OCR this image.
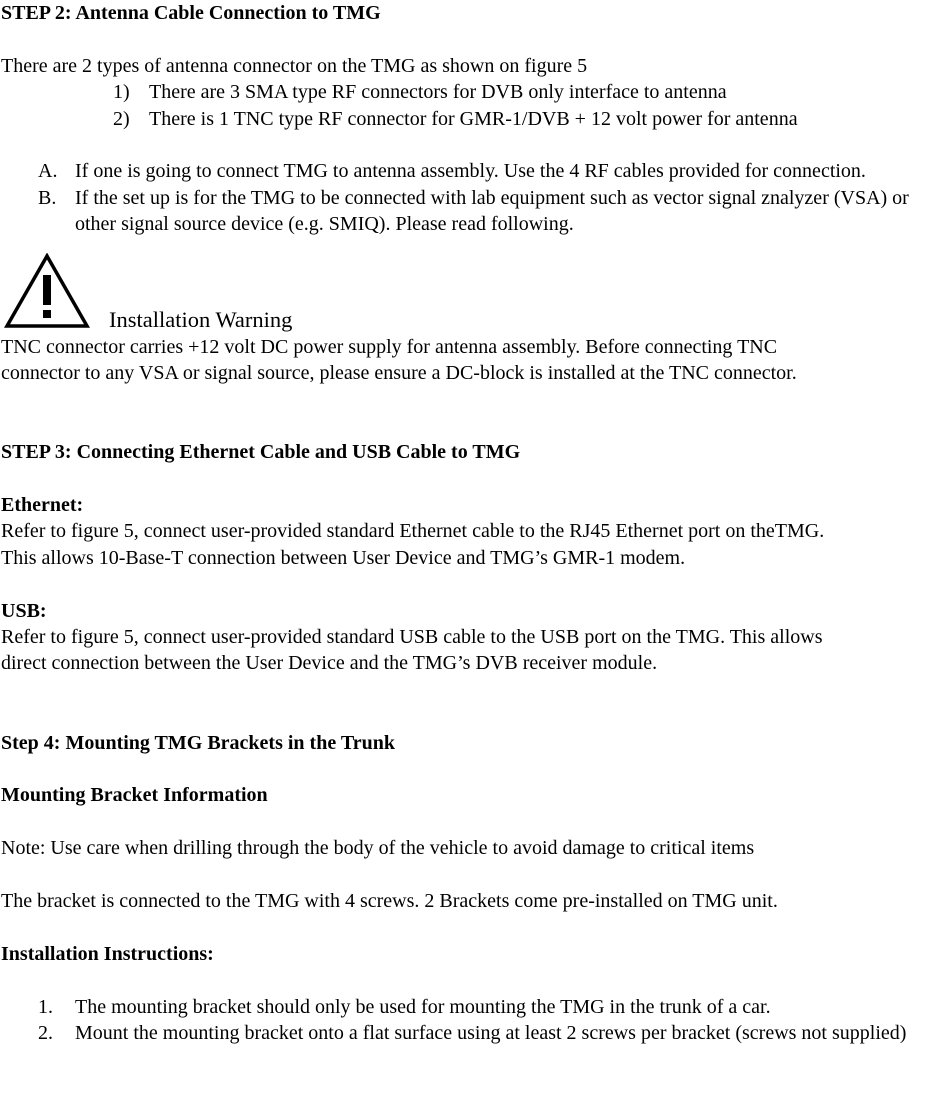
STEP 2: Antenna Cable Connection to TMG

There are 2 types of antenna connector on the TMG as shown on figure 5

1) There are 3 SMA type RF connectors for DVB only interface to antenna
2) There is 1 TNC type RF connector for GMR-1/DVB + 12 volt power for antenna
A. If one is going to connect TMG to antenna assembly. Use the 4 RF cables provided for connection.
B. If the set up is for the TMG to be connected with lab equipment such as vector signal znalyzer (VSA) or other signal source device (e.g. SMIQ). Please read following.
Installation Warning

TNC connector carries +12 volt DC power supply for antenna assembly. Before connecting TNC

connector to any VSA or signal source, please ensure a DC-block is installed at the TNC connector.

STEP 3: Connecting Ethernet Cable and USB Cable to TMG

Ethernet:

Refer to figure 5, connect user-provided standard Ethernet cable to the RJ45 Ethernet port on theTMG.

This allows 10-Base-T connection between User Device and TMG’s GMR-1 modem.

USB:

Refer to figure 5, connect user-provided standard USB cable to the USB port on the TMG. This allows

direct connection between the User Device and the TMG’s DVB receiver module.

Step 4: Mounting TMG Brackets in the Trunk

Mounting Bracket Information

Note: Use care when drilling through the body of the vehicle to avoid damage to critical items

The bracket is connected to the TMG with 4 screws. 2 Brackets come pre-installed on TMG unit.

Installation Instructions:

1. The mounting bracket should only be used for mounting the TMG in the trunk of a car.
2. Mount the mounting bracket onto a flat surface using at least 2 screws per bracket (screws not supplied)
